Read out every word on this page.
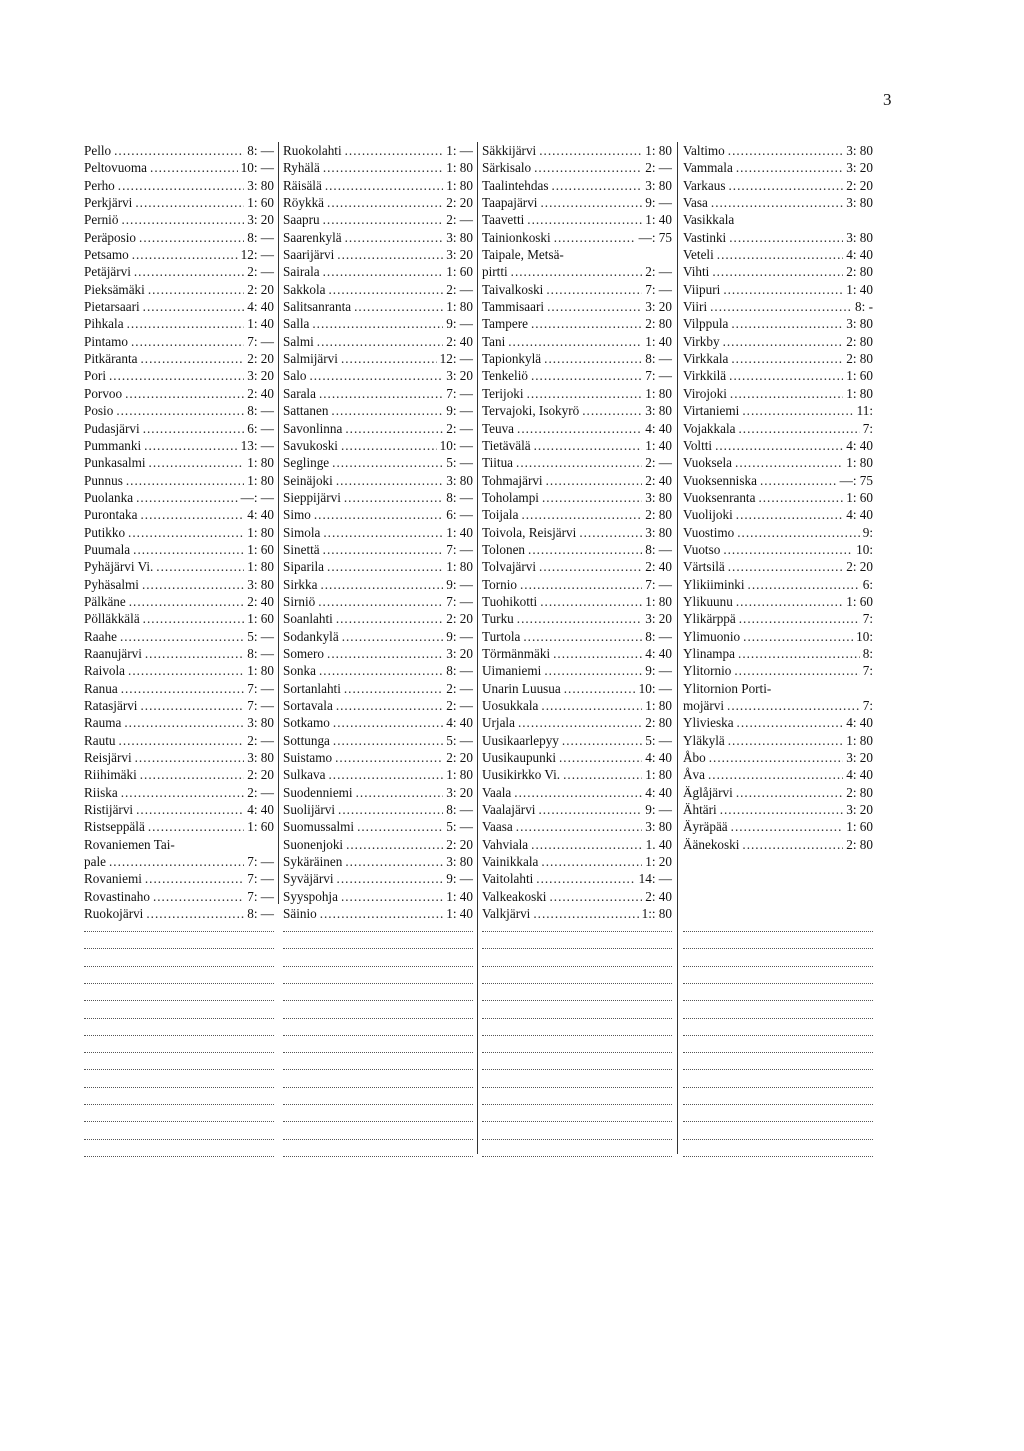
3
Pello .....	8: —
Peltovuoma .....	10: —
Perho .....	3: 80
Perkjärvi .....	1: 60
Perniö .....	3: 20
Peräposio .....	8: —
Petsamo .....	12: —
Petäjärvi .....	2: —
Pieksämäki .....	2: 20
Pietarsaari .....	4: 40
Pihkala .....	1: 40
Pintamo .....	7: —
Pitkäranta .....	2: 20
Pori .....	3: 20
Porvoo .....	2: 40
Posio .....	8: —
Pudasjärvi .....	6: —
Pummanki .....	13: —
Punkasalmi .....	1: 80
Punnus .....	1: 80
Puolanka .....	—: —
Purontaka .....	4: 40
Putikko .....	1: 80
Puumala .....	1: 60
Pyhäjärvi Vi. .....	1: 80
Pyhäsalmi .....	3: 80
Pälkäne .....	2: 40
Pölläkkälä .....	1: 60
Raahe .....	5: —
Raanujärvi .....	8: —
Raivola .....	1: 80
Ranua .....	7: —
Ratasjärvi .....	7: —
Rauma .....	3: 80
Rautu .....	2: —
Reisjärvi .....	3: 80
Riihimäki .....	2: 20
Riiska .....	2: —
Ristijärvi .....	4: 40
Ristseppälä .....	1: 60
Rovaniemen Tai-
pale .....	7: —
Rovaniemi .....	7: —
Rovastinaho .....	7: —
Ruokojärvi .....	8: —
Ruokolahti .....	1: —
Ryhälä .....	1: 80
Räisälä .....	1: 80
Röykkä .....	2: 20
Saapru .....	2: —
Saarenkylä .....	3: 80
Saarijärvi .....	3: 20
Sairala .....	1: 60
Sakkola .....	2: —
Salitsanranta .....	1: 80
Salla .....	9: —
Salmi .....	2: 40
Salmijärvi .....	12: —
Salo .....	3: 20
Sarala .....	7: —
Sattanen .....	9: —
Savonlinna .....	2: —
Savukoski .....	10: —
Seglinge .....	5: —
Seinäjoki .....	3: 80
Sieppijärvi .....	8: —
Simo .....	6: —
Simola .....	1: 40
Sinettä .....	7: —
Siparila .....	1: 80
Sirkka .....	9: —
Sirniö .....	7: —
Soanlahti .....	2: 20
Sodankylä .....	9: —
Somero .....	3: 20
Sonka .....	8: —
Sortanlahti .....	2: —
Sortavala .....	2: —
Sotkamo .....	4: 40
Sottunga .....	5: —
Suistamo .....	2: 20
Sulkava .....	1: 80
Suodenniemi .....	3: 20
Suolijärvi .....	8: —
Suomussalmi .....	5: —
Suonenjoki .....	2: 20
Sykäräinen .....	3: 80
Syväjärvi .....	9: —
Syyspohja .....	1: 40
Säinio .....	1: 40
Säkkijärvi .....	1: 80
Särkisalo .....	2: —
Taalintehdas .....	3: 80
Taapajärvi .....	9: —
Taavetti .....	1: 40
Tainionkoski .....	—: 75
Taipale, Metsä-
pirtti .....	2: —
Taivalkoski .....	7: —
Tammisaari .....	3: 20
Tampere .....	2: 80
Tani .....	1: 40
Tapionkylä .....	8: —
Tenkeliö .....	7: —
Terijoki .....	1: 80
Tervajoki, Isokyrö .....	3: 80
Teuva .....	4: 40
Tietävälä .....	1: 40
Tiitua .....	2: —
Tohmajärvi .....	2: 40
Toholampi .....	3: 80
Toijala .....	2: 80
Toivola, Reisjärvi .....	3: 80
Tolonen .....	8: —
Tolvajärvi .....	2: 40
Tornio .....	7: —
Tuohikotti .....	1: 80
Turku .....	3: 20
Turtola .....	8: —
Törmänmäki .....	4: 40
Uimaniemi .....	9: —
Unarin Luusua .....	10: —
Uosukkala .....	1: 80
Urjala .....	2: 80
Uusikaarlepyy .....	5: —
Uusikaupunki .....	4: 40
Uusikirkko Vi. .....	1: 80
Vaala .....	4: 40
Vaalajärvi .....	9: —
Vaasa .....	3: 80
Vahviala .....	1. 40
Vainikkala .....	1: 20
Vaitolahti .....	14: —
Valkeakoski .....	2: 40
Valkjärvi .....	1:: 80
Valtimo .....	3: 80
Vammala .....	3: 20
Varkaus .....	2: 20
Vasa .....	3: 80
Vasikkala
Vastinki .....	3: 80
Veteli .....	4: 40
Vihti .....	2: 80
Viipuri .....	1: 40
Viiri .....	8: -
Vilppula .....	3: 80
Virkby .....	2: 80
Virkkala .....	2: 80
Virkkilä .....	1: 60
Virojoki .....	1: 80
Virtaniemi .....	11:
Vojakkala .....	7:
Voltti .....	4: 40
Vuoksela .....	1: 80
Vuoksenniska .....	—: 75
Vuoksenranta .....	1: 60
Vuolijoki .....	4: 40
Vuostimo .....	9:
Vuotso .....	10:
Värtsilä .....	2: 20
Ylikiiminki .....	6:
Ylikuunu .....	1: 60
Ylikärppä .....	7:
Ylimuonio .....	10:
Ylinampa .....	8:
Ylitornio .....	7:
Ylitornion Porti-
mojärvi .....	7:
Ylivieska .....	4: 40
Yläkylä .....	1: 80
Åbo .....	3: 20
Åva .....	4: 40
Äglåjärvi .....	2: 80
Ähtäri .....	3: 20
Äyräpää .....	1: 60
Äänekoski .....	2: 80
